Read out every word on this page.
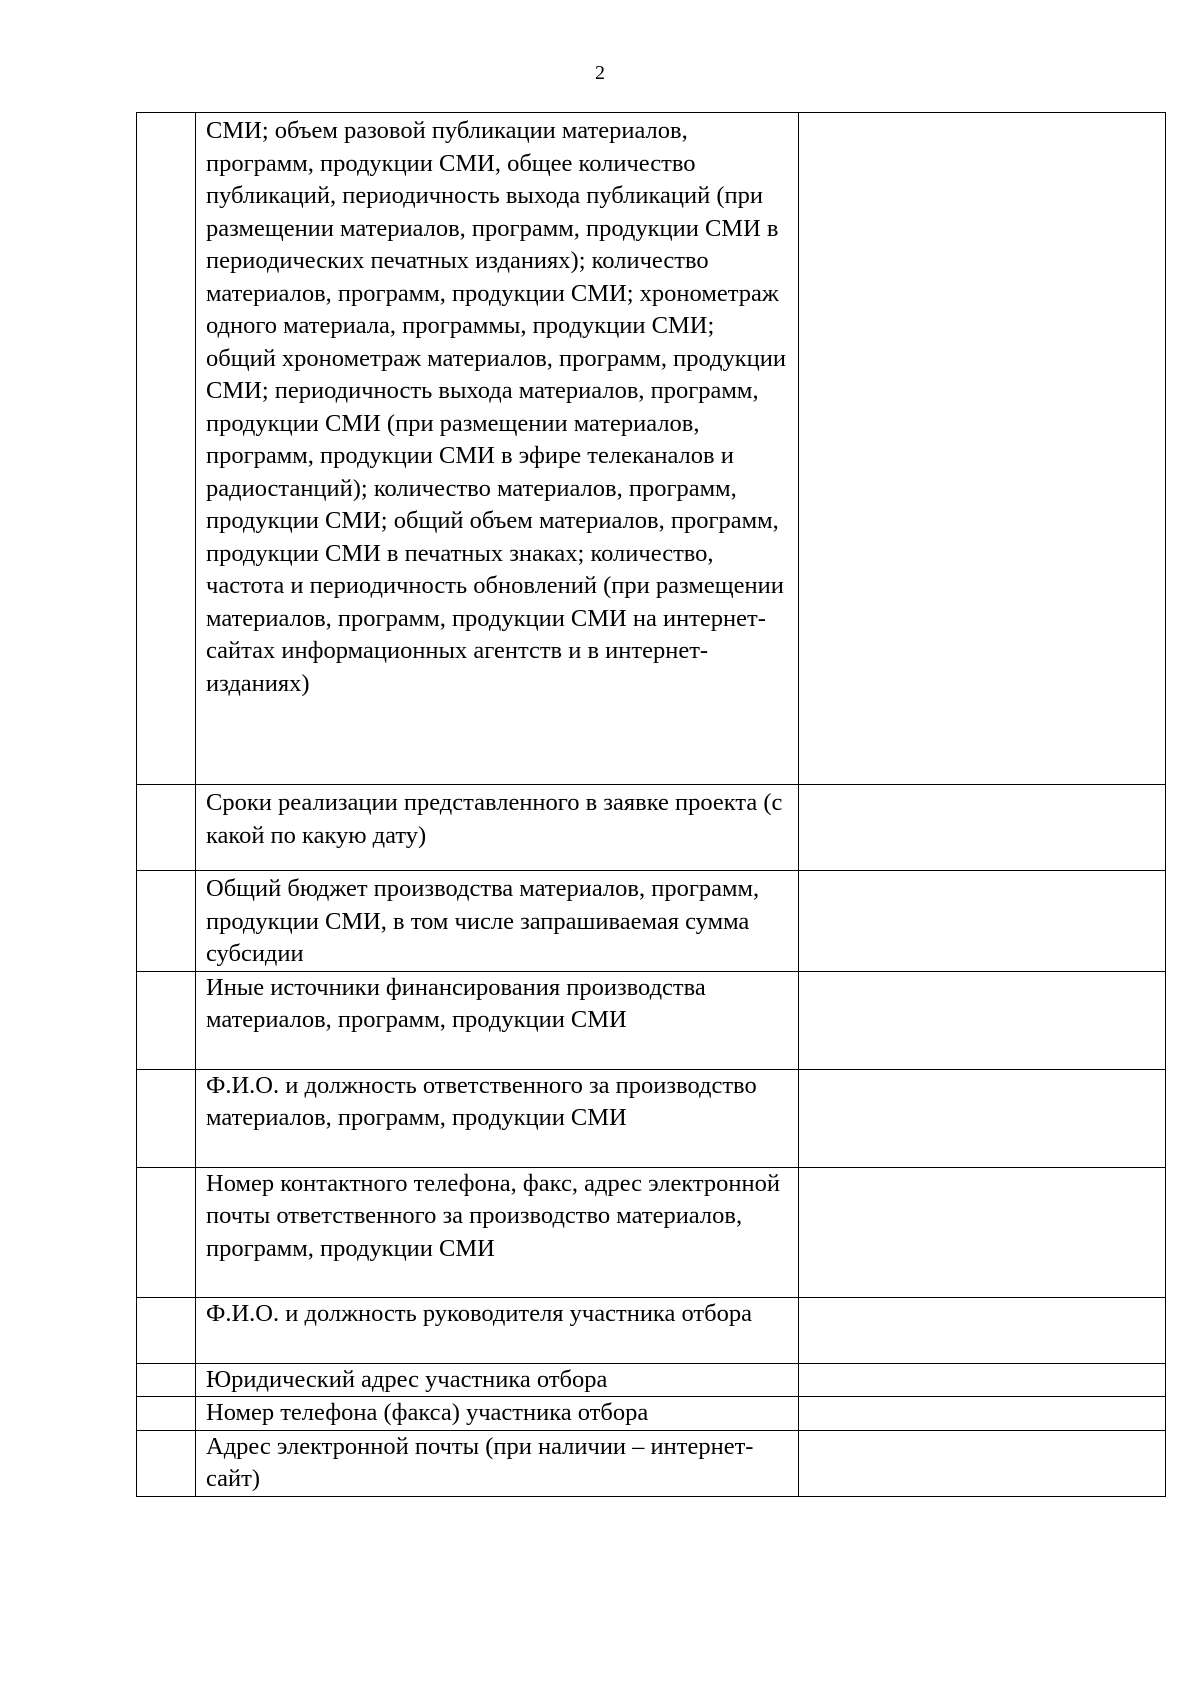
2

	СМИ; объем разовой публикации материалов, программ, продукции СМИ, общее количество публикаций, периодичность выхода публикаций (при размещении материалов, программ, продукции СМИ в периодических печатных изданиях); количество материалов, программ, продукции СМИ; хронометраж одного материала, программы, продукции СМИ; общий хронометраж материалов, программ, продукции СМИ; периодичность выхода материалов, программ, продукции СМИ (при размещении материалов, программ, продукции СМИ в эфире телеканалов и радиостанций); количество материалов, программ, продукции СМИ; общий объем материалов, программ, продукции СМИ в печатных знаках; количество, частота и периодичность обновлений (при размещении материалов, программ, продукции СМИ на интернет-сайтах информационных агентств и в интернет-изданиях)	

	Сроки реализации представленного в заявке проекта (с какой по какую дату)	

	Общий бюджет производства материалов, программ, продукции СМИ, в том числе запрашиваемая сумма субсидии	

	Иные источники финансирования производства материалов, программ, продукции СМИ	

	Ф.И.О. и должность ответственного за производство материалов, программ, продукции СМИ	

	Номер контактного телефона, факс, адрес электронной почты ответственного за производство материалов, программ, продукции СМИ	

	Ф.И.О. и должность руководителя участника отбора	

	Юридический адрес участника отбора	

	Номер телефона (факса) участника отбора	

	Адрес электронной почты (при наличии – интернет-сайт)	
